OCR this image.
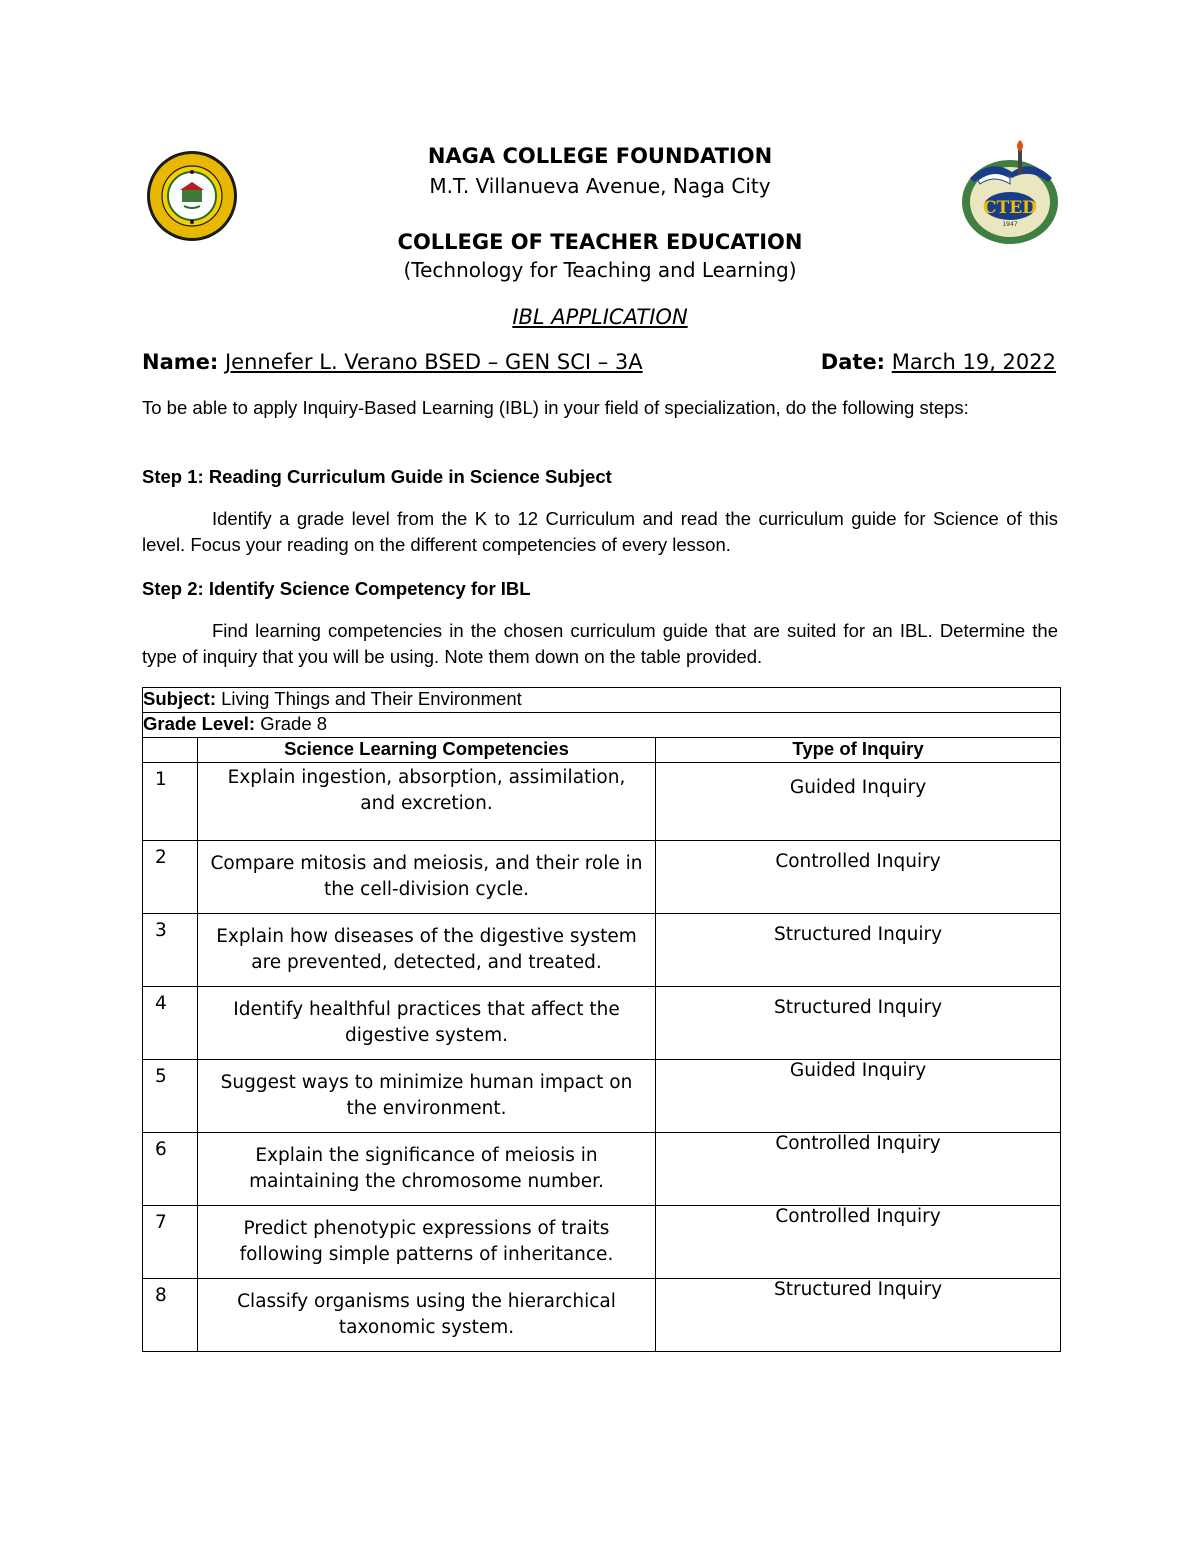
CTED
1947
NAGA COLLEGE FOUNDATION
M.T. Villanueva Avenue, Naga City
COLLEGE OF TEACHER EDUCATION
(Technology for Teaching and Learning)
IBL APPLICATION
Name: Jennefer L. Verano BSED – GEN SCI – 3A	Date: March 19, 2022
To be able to apply Inquiry-Based Learning (IBL) in your field of specialization, do the following steps:
Step 1: Reading Curriculum Guide in Science Subject
Identify a grade level from the K to 12 Curriculum and read the curriculum guide for Science of this level. Focus your reading on the different competencies of every lesson.
Step 2: Identify Science Competency for IBL
Find learning competencies in the chosen curriculum guide that are suited for an IBL. Determine the type of inquiry that you will be using. Note them down on the table provided.
Subject: Living Things and Their Environment		
Grade Level: Grade 8		
	Science Learning Competencies	Type of Inquiry
1	Explain ingestion, absorption, assimilation, and excretion.	Guided Inquiry
2	Compare mitosis and meiosis, and their role in the cell-division cycle.	Controlled Inquiry
3	Explain how diseases of the digestive system are prevented, detected, and treated.	Structured Inquiry
4	Identify healthful practices that affect the digestive system.	Structured Inquiry
5	Suggest ways to minimize human impact on the environment.	Guided Inquiry
6	Explain the significance of meiosis in maintaining the chromosome number.	Controlled Inquiry
7	Predict phenotypic expressions of traits following simple patterns of inheritance.	Controlled Inquiry
8	Classify organisms using the hierarchical taxonomic system.	Structured Inquiry
